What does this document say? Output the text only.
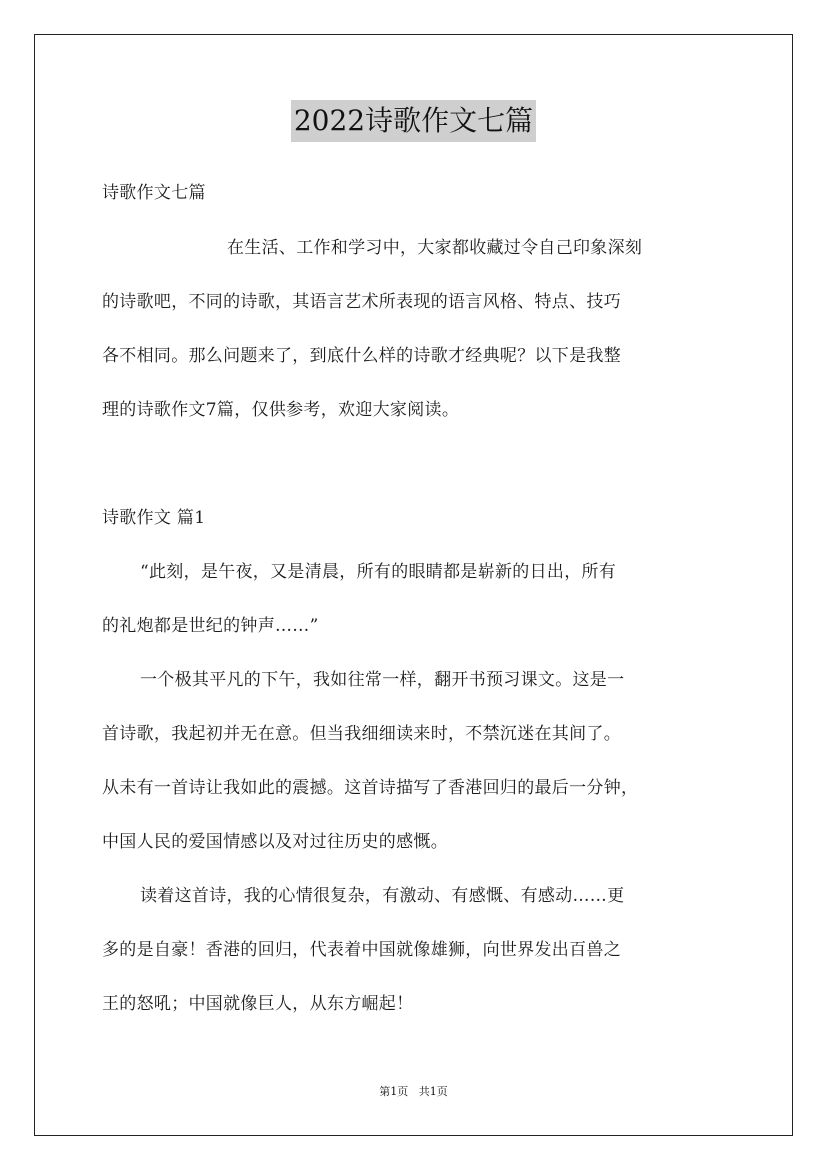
2022诗歌作文七篇
诗歌作文七篇
在生活、工作和学习中，大家都收藏过令自己印象深刻
的诗歌吧，不同的诗歌，其语言艺术所表现的语言风格、特点、技巧
各不相同。那么问题来了，到底什么样的诗歌才经典呢？以下是我整
理的诗歌作文7篇，仅供参考，欢迎大家阅读。
诗歌作文 篇1
“此刻，是午夜，又是清晨，所有的眼睛都是崭新的日出，所有
的礼炮都是世纪的钟声……”
一个极其平凡的下午，我如往常一样，翻开书预习课文。这是一
首诗歌，我起初并无在意。但当我细细读来时，不禁沉迷在其间了。
从未有一首诗让我如此的震撼。这首诗描写了香港回归的最后一分钟，
中国人民的爱国情感以及对过往历史的感慨。
读着这首诗，我的心情很复杂，有激动、有感慨、有感动……更
多的是自豪！香港的回归，代表着中国就像雄狮，向世界发出百兽之
王的怒吼；中国就像巨人，从东方崛起！
第1页 共1页
